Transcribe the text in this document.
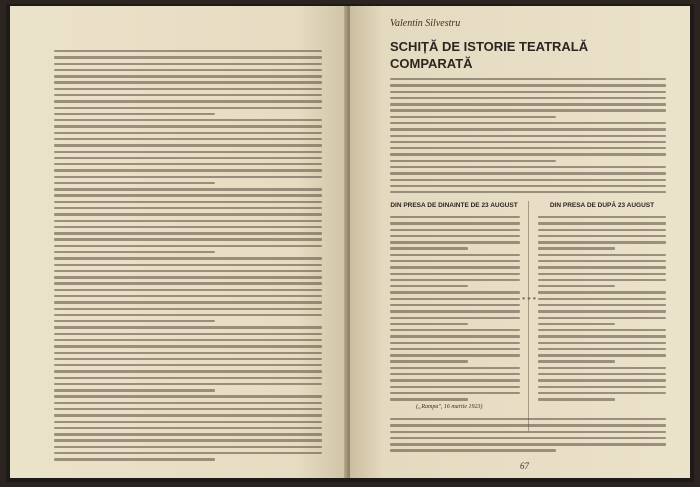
Valentin Silvestru
SCHIȚĂ DE ISTORIE TEATRALĂ COMPARATĂ
DIN PRESA DE DINAINTE DE 23 AUGUST	DIN PRESA DE DUPĂ 23 AUGUST
* * *
(„Rampa", 16 martie 1923)
67
